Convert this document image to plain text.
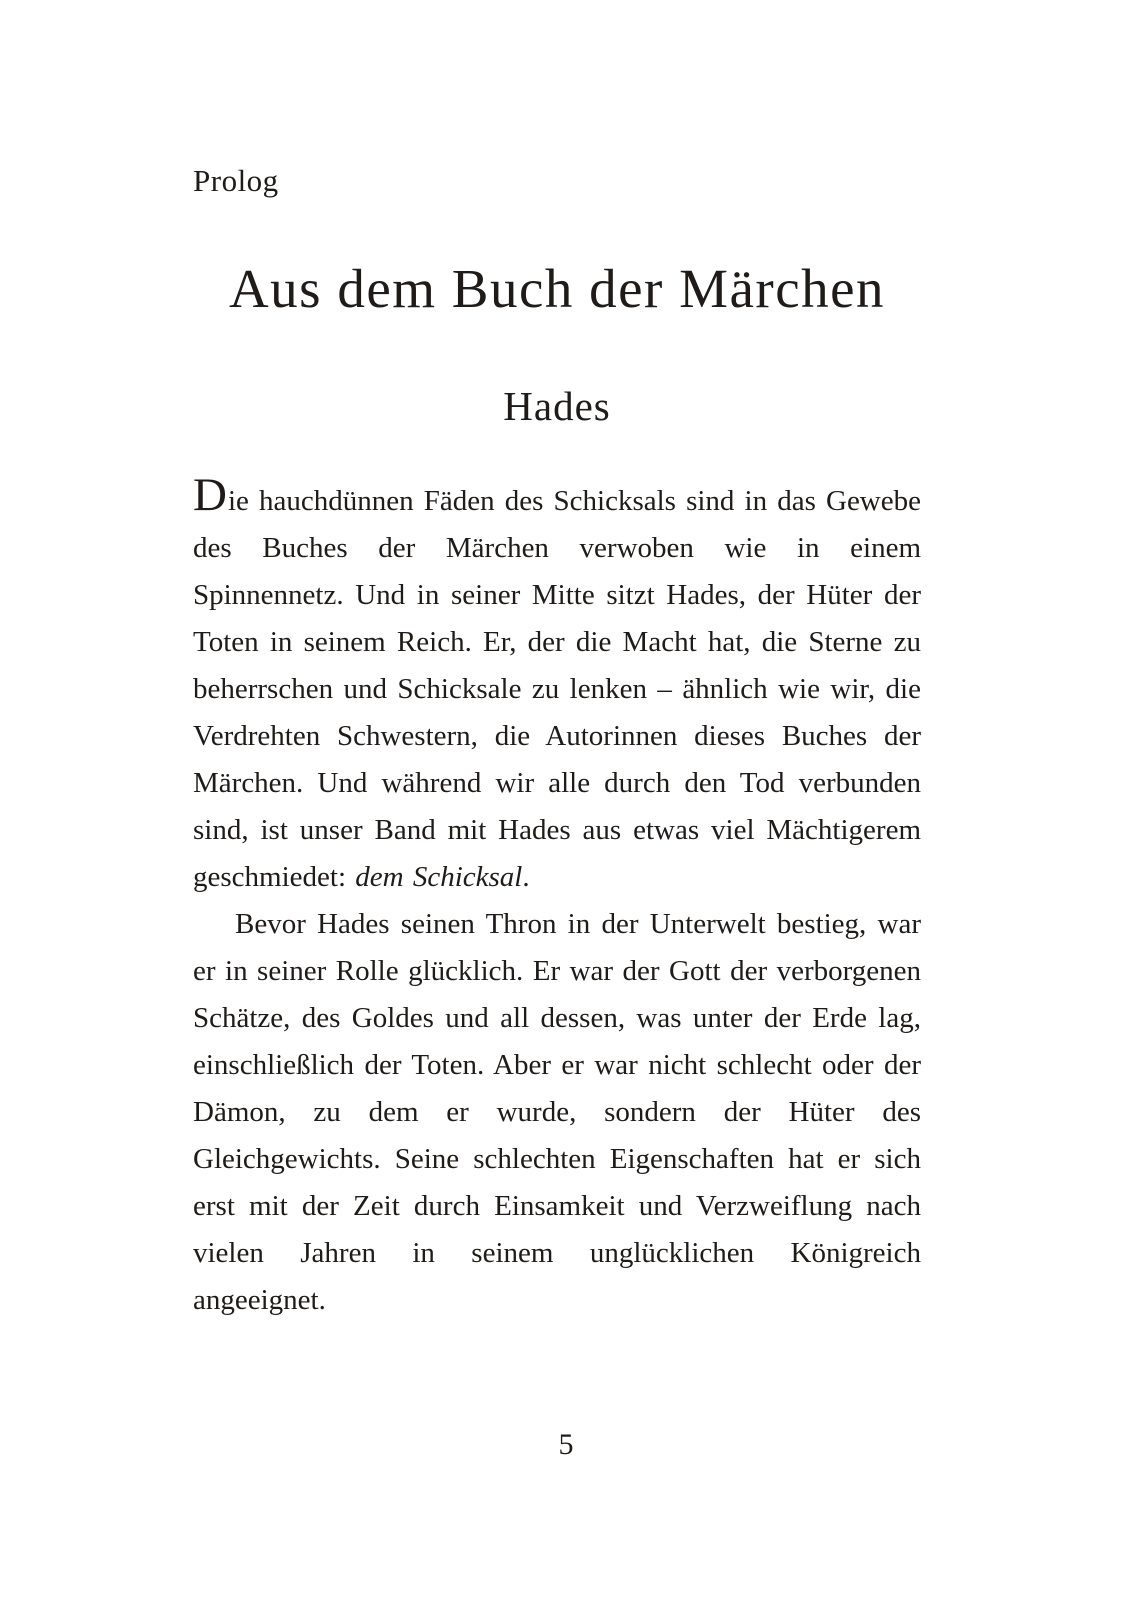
Prolog
Aus dem Buch der Märchen
Hades

Die hauchdünnen Fäden des Schicksals sind in das Gewebe des Buches der Märchen verwoben wie in einem Spinnennetz. Und in seiner Mitte sitzt Hades, der Hüter der Toten in seinem Reich. Er, der die Macht hat, die Sterne zu beherrschen und Schicksale zu lenken – ähnlich wie wir, die Verdrehten Schwestern, die Autorinnen dieses Buches der Märchen. Und während wir alle durch den Tod verbunden sind, ist unser Band mit Hades aus etwas viel Mächtigerem geschmiedet: dem Schicksal.

Bevor Hades seinen Thron in der Unterwelt bestieg, war er in seiner Rolle glücklich. Er war der Gott der verborgenen Schätze, des Goldes und all dessen, was unter der Erde lag, einschließlich der Toten. Aber er war nicht schlecht oder der Dämon, zu dem er wurde, sondern der Hüter des Gleichgewichts. Seine schlechten Eigenschaften hat er sich erst mit der Zeit durch Einsamkeit und Verzweiflung nach vielen Jahren in seinem unglücklichen Königreich angeeignet.

5
